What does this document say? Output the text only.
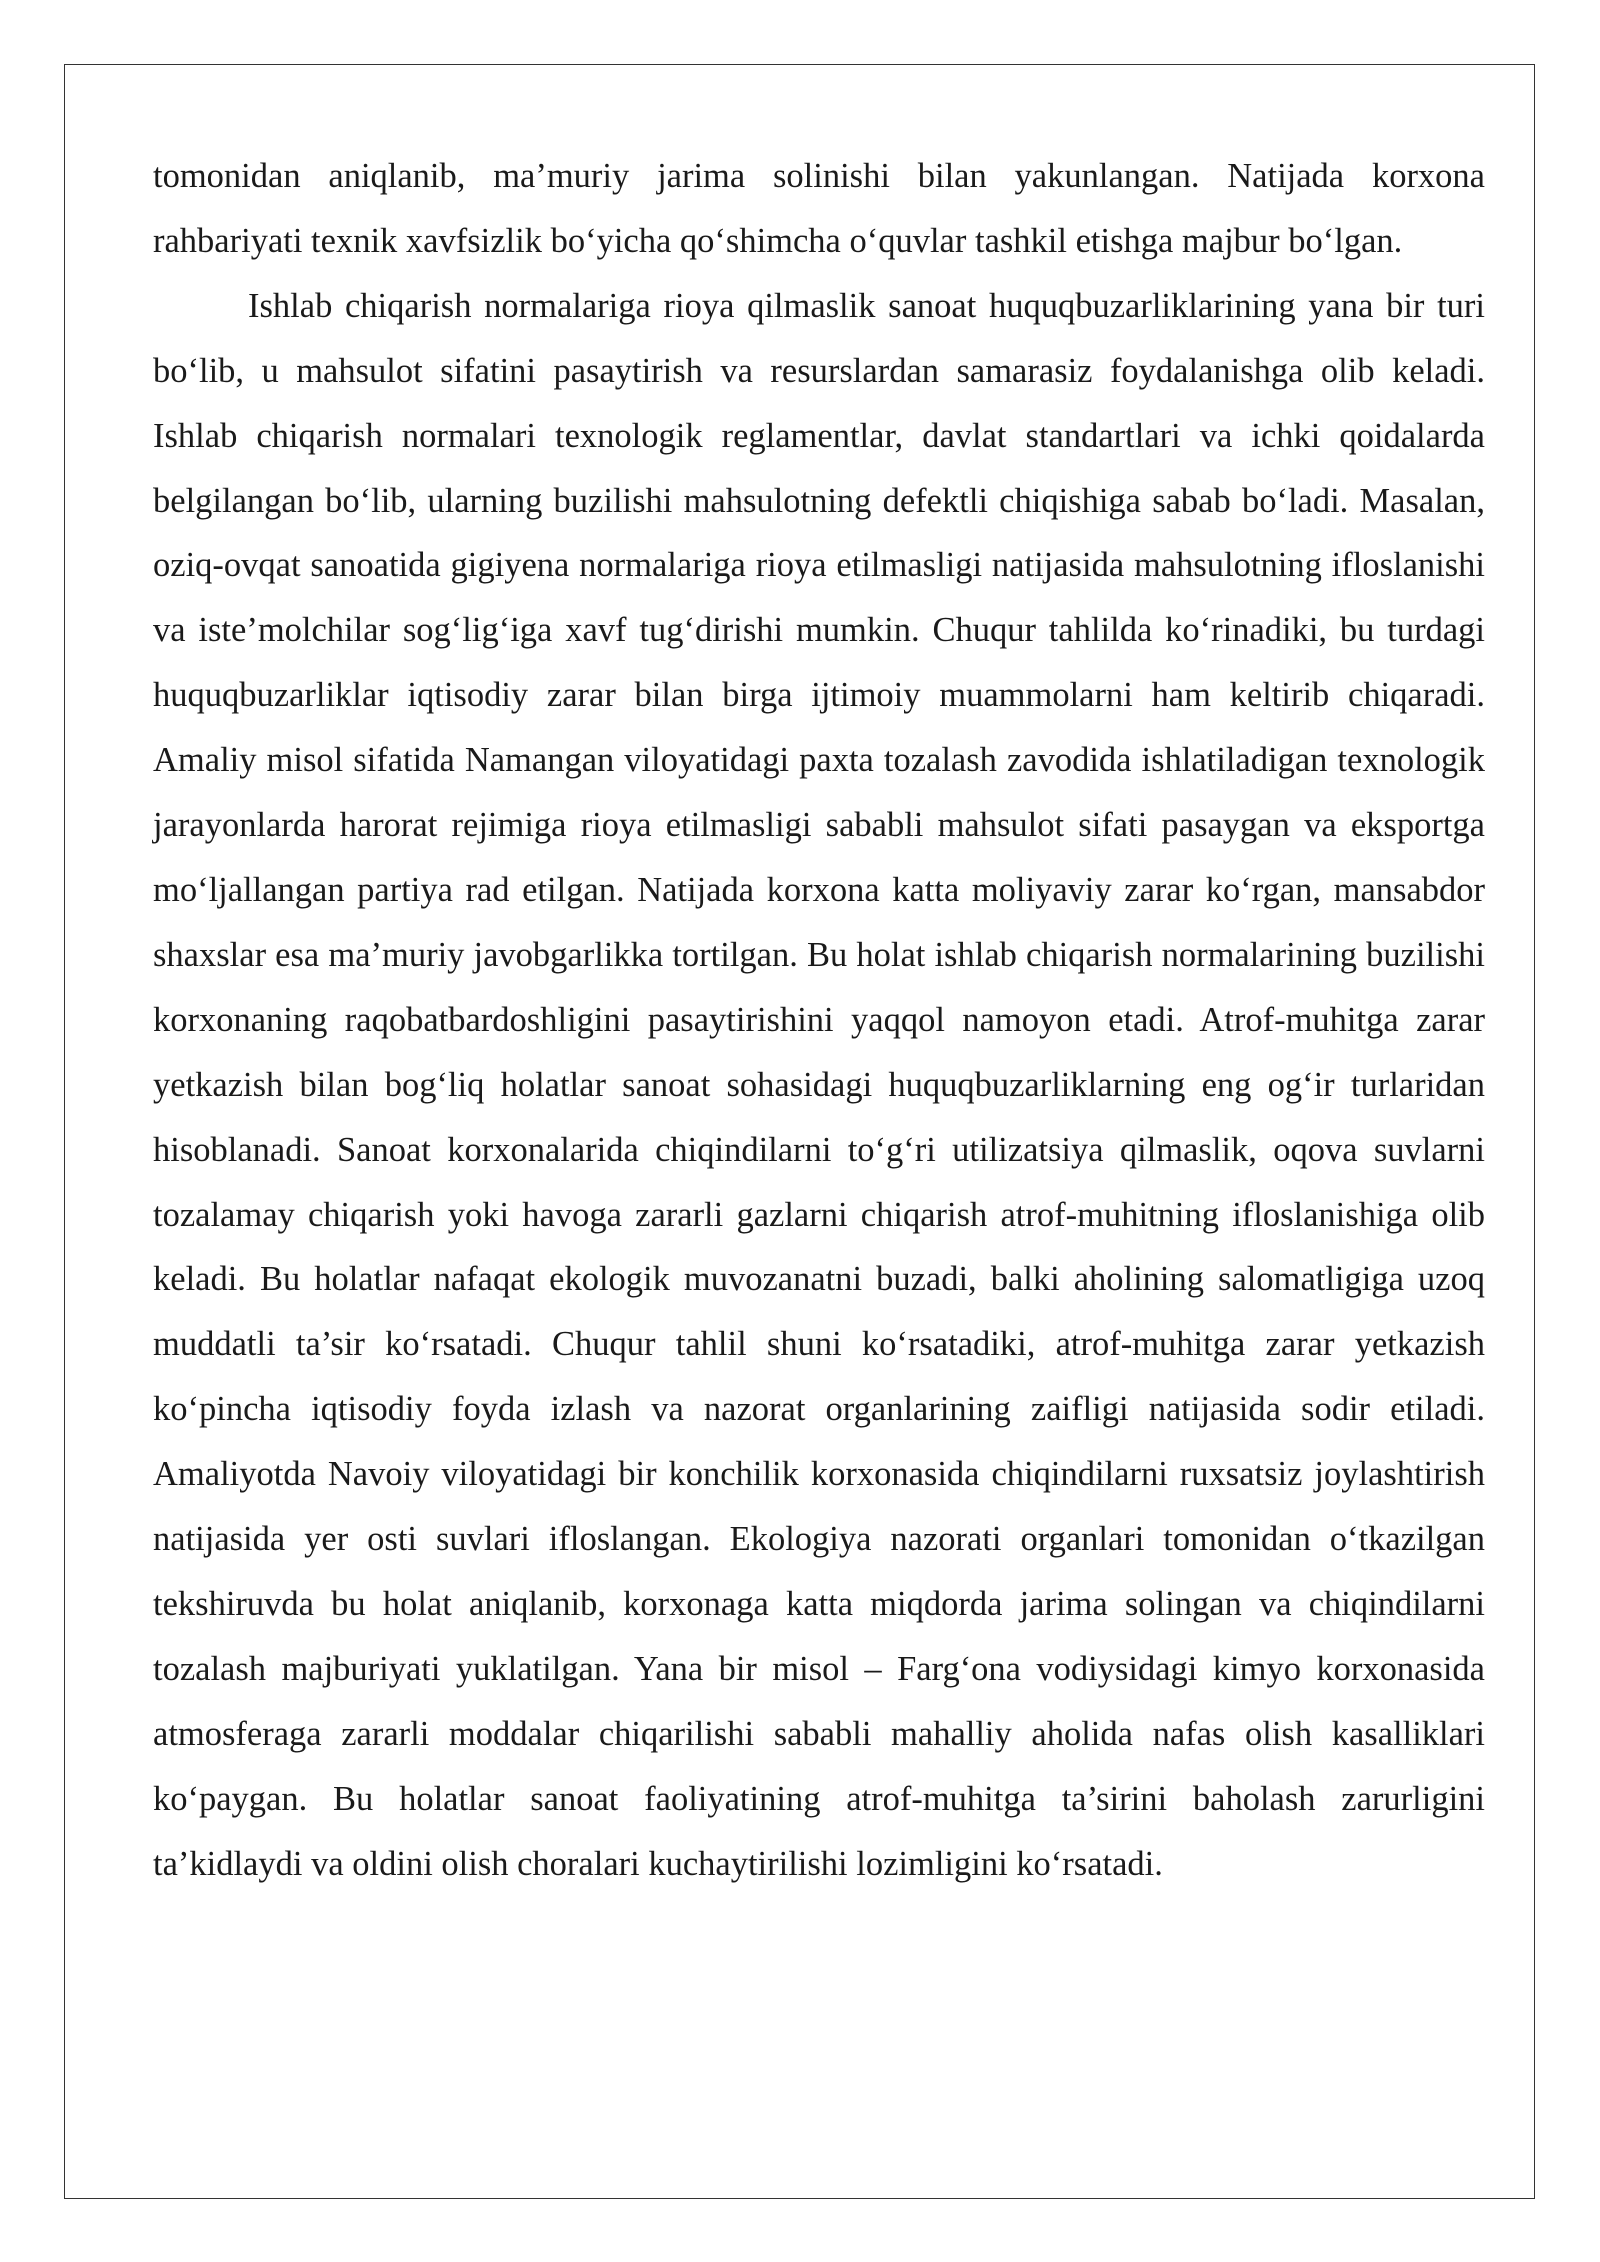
tomonidan aniqlanib, ma’muriy jarima solinishi bilan yakunlangan. Natijada korxona rahbariyati texnik xavfsizlik bo‘yicha qo‘shimcha o‘quvlar tashkil etishga majbur bo‘lgan.

Ishlab chiqarish normalariga rioya qilmaslik sanoat huquqbuzarliklarining yana bir turi bo‘lib, u mahsulot sifatini pasaytirish va resurslardan samarasiz foydalanishga olib keladi. Ishlab chiqarish normalari texnologik reglamentlar, davlat standartlari va ichki qoidalarda belgilangan bo‘lib, ularning buzilishi mahsulotning defektli chiqishiga sabab bo‘ladi. Masalan, oziq-ovqat sanoatida gigiyena normalariga rioya etilmasligi natijasida mahsulotning ifloslanishi va iste’molchilar sog‘lig‘iga xavf tug‘dirishi mumkin. Chuqur tahlilda ko‘rinadiki, bu turdagi huquqbuzarliklar iqtisodiy zarar bilan birga ijtimoiy muammolarni ham keltirib chiqaradi. Amaliy misol sifatida Namangan viloyatidagi paxta tozalash zavodida ishlatiladigan texnologik jarayonlarda harorat rejimiga rioya etilmasligi sababli mahsulot sifati pasaygan va eksportga mo‘ljallangan partiya rad etilgan. Natijada korxona katta moliyaviy zarar ko‘rgan, mansabdor shaxslar esa ma’muriy javobgarlikka tortilgan. Bu holat ishlab chiqarish normalarining buzilishi korxonaning raqobatbardoshligini pasaytirishini yaqqol namoyon etadi. Atrof-muhitga zarar yetkazish bilan bog‘liq holatlar sanoat sohasidagi huquqbuzarliklarning eng og‘ir turlaridan hisoblanadi. Sanoat korxonalarida chiqindilarni to‘g‘ri utilizatsiya qilmaslik, oqova suvlarni tozalamay chiqarish yoki havoga zararli gazlarni chiqarish atrof-muhitning ifloslanishiga olib keladi. Bu holatlar nafaqat ekologik muvozanatni buzadi, balki aholining salomatligiga uzoq muddatli ta’sir ko‘rsatadi. Chuqur tahlil shuni ko‘rsatadiki, atrof-muhitga zarar yetkazish ko‘pincha iqtisodiy foyda izlash va nazorat organlarining zaifligi natijasida sodir etiladi. Amaliyotda Navoiy viloyatidagi bir konchilik korxonasida chiqindilarni ruxsatsiz joylashtirish natijasida yer osti suvlari ifloslangan. Ekologiya nazorati organlari tomonidan o‘tkazilgan tekshiruvda bu holat aniqlanib, korxonaga katta miqdorda jarima solingan va chiqindilarni tozalash majburiyati yuklatilgan. Yana bir misol – Farg‘ona vodiysidagi kimyo korxonasida atmosferaga zararli moddalar chiqarilishi sababli mahalliy aholida nafas olish kasalliklari ko‘paygan. Bu holatlar sanoat faoliyatining atrof-muhitga ta’sirini baholash zarurligini ta’kidlaydi va oldini olish choralari kuchaytirilishi lozimligini ko‘rsatadi.
